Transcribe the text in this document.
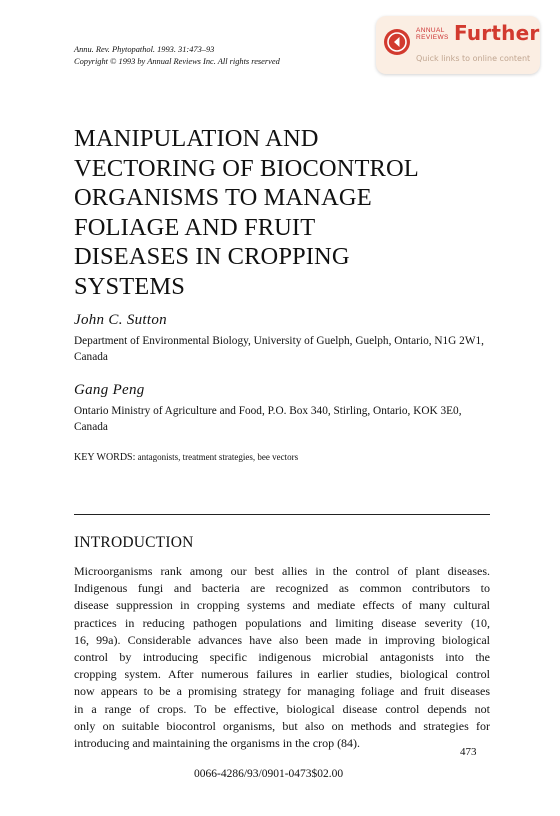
Annu. Rev. Phytopathol. 1993. 31:473–93
Copyright © 1993 by Annual Reviews Inc. All rights reserved
ANNUAL
REVIEWS Further
Quick links to online content
MANIPULATION AND
VECTORING OF BIOCONTROL
ORGANISMS TO MANAGE
FOLIAGE AND FRUIT
DISEASES IN CROPPING
SYSTEMS
John C. Sutton
Department of Environmental Biology, University of Guelph, Guelph, Ontario, N1G 2W1, Canada
Gang Peng
Ontario Ministry of Agriculture and Food, P.O. Box 340, Stirling, Ontario, KOK 3E0, Canada
KEY WORDS: antagonists, treatment strategies, bee vectors
INTRODUCTION
Microorganisms rank among our best allies in the control of plant diseases.
Indigenous fungi and bacteria are recognized as common contributors to
disease suppression in cropping systems and mediate effects of many cultural
practices in reducing pathogen populations and limiting disease severity (10,
16, 99a). Considerable advances have also been made in improving biological
control by introducing specific indigenous microbial antagonists into the
cropping system. After numerous failures in earlier studies, biological control
now appears to be a promising strategy for managing foliage and fruit diseases
in a range of crops. To be effective, biological disease control depends not
only on suitable biocontrol organisms, but also on methods and strategies for
introducing and maintaining the organisms in the crop (84).
473
0066-4286/93/0901-0473$02.00
